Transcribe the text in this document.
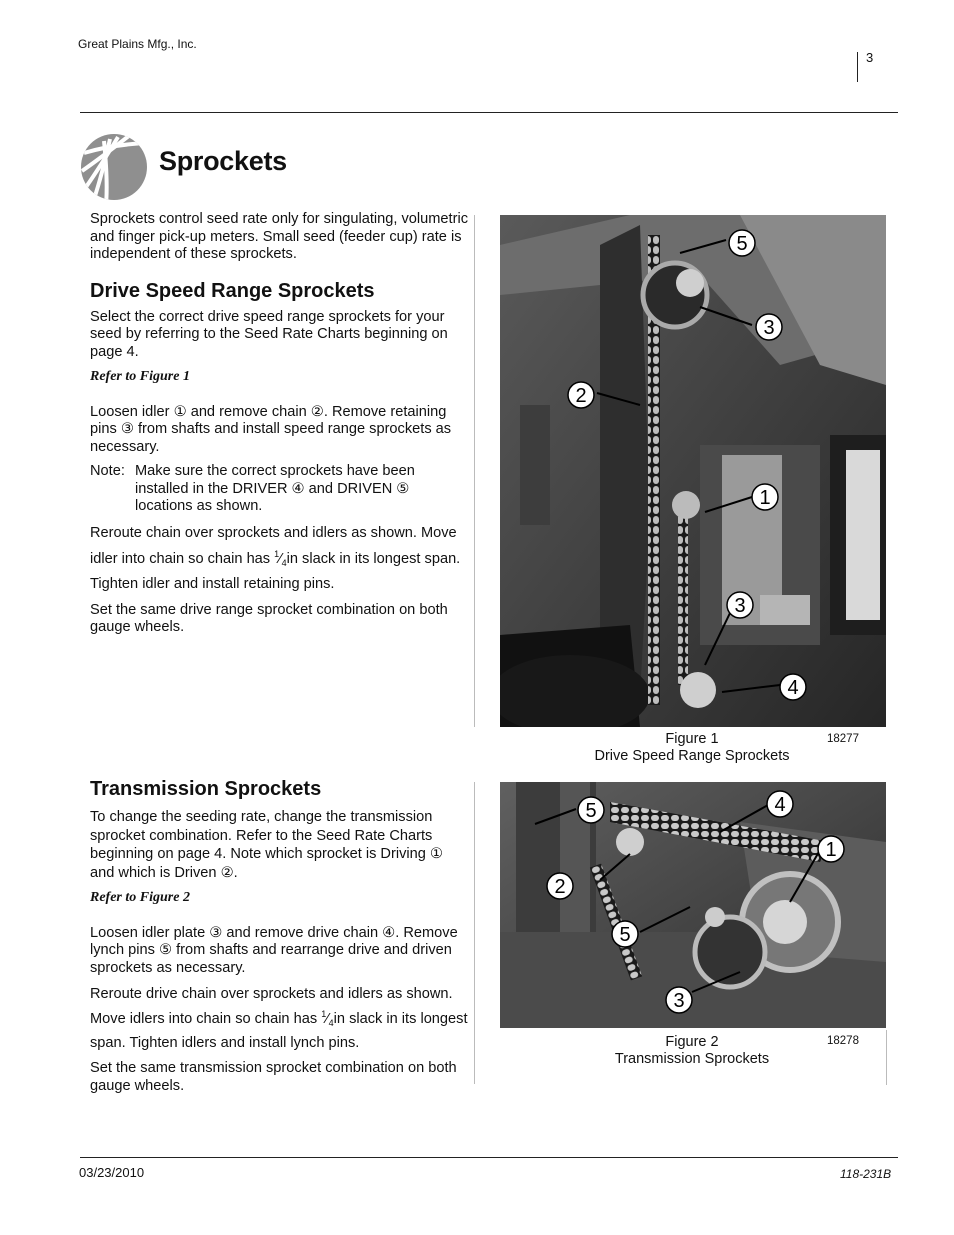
Great Plains Mfg., Inc.
3
Sprockets

Sprockets control seed rate only for singulating, volumetric and finger pick-up meters. Small seed (feeder cup) rate is independent of these sprockets.

Drive Speed Range Sprockets

Select the correct drive speed range sprockets for your seed by referring to the Seed Rate Charts beginning on page 4.

Refer to Figure 1

Loosen idler ① and remove chain ②. Remove retaining pins ③ from shafts and install speed range sprockets as necessary.

Note: Make sure the correct sprockets have been installed in the DRIVER ④ and DRIVEN ⑤ locations as shown.

Reroute chain over sprockets and idlers as shown. Move idler into chain so chain has $^1⁄_4in$ slack in its longest span. Tighten idler and install retaining pins.

Set the same drive range sprocket combination on both gauge wheels.

Transmission Sprockets

To change the seeding rate, change the transmission sprocket combination. Refer to the Seed Rate Charts beginning on page 4. Note which sprocket is Driving ① and which is Driven ②.

Refer to Figure 2

Loosen idler plate ③ and remove drive chain ④. Remove lynch pins ⑤ from shafts and rearrange drive and driven sprockets as necessary.

Reroute drive chain over sprockets and idlers as shown. Move idlers into chain so chain has $^1⁄_4in$ slack in its longest span. Tighten idlers and install lynch pins.

Set the same transmission sprocket combination on both gauge wheels.

5
3
2
1
3
4
Figure 1
Drive Speed Range Sprockets
18277
5	4
1
2
5
3
Figure 2
Transmission Sprockets
18278
03/23/2010	118-231B
